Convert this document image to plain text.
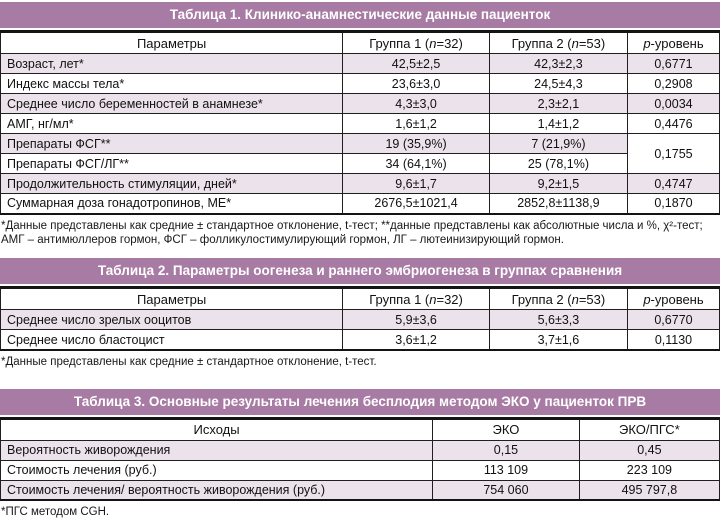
Таблица 1. Клинико-анамнестические данные пациенток
Параметры	Группа 1 (n=32)	Группа 2 (n=53)	p-уровень
Возраст, лет*	42,5±2,5	42,3±2,3	0,6771
Индекс массы тела*	23,6±3,0	24,5±4,3	0,2908
Среднее число беременностей в анамнезе*	4,3±3,0	2,3±2,1	0,0034
АМГ, нг/мл*	1,6±1,2	1,4±1,2	0,4476
Препараты ФСГ**	19 (35,9%)	7 (21,9%)	0,1755
Препараты ФСГ/ЛГ**	34 (64,1%)	25 (78,1%)	
Продолжительность стимуляции, дней*	9,6±1,7	9,2±1,5	0,4747
Суммарная доза гонадотропинов, МЕ*	2676,5±1021,4	2852,8±1138,9	0,1870
*Данные представлены как средние ± стандартное отклонение, t-тест; **данные представлены как абсолютные числа и %, χ²-тест;
АМГ – антимюллеров гормон, ФСГ – фолликулостимулирующий гормон, ЛГ – лютеинизирующий гормон.
Таблица 2. Параметры оогенеза и раннего эмбриогенеза в группах сравнения
Параметры	Группа 1 (n=32)	Группа 2 (n=53)	p-уровень
Среднее число зрелых ооцитов	5,9±3,6	5,6±3,3	0,6770
Среднее число бластоцист	3,6±1,2	3,7±1,6	0,1130
*Данные представлены как средние ± стандартное отклонение, t-тест.
Таблица 3. Основные результаты лечения бесплодия методом ЭКО у пациенток ПРВ
Исходы	ЭКО	ЭКО/ПГС*
Вероятность живорождения	0,15	0,45
Стоимость лечения (руб.)	113 109	223 109
Стоимость лечения/ вероятность живорождения (руб.)	754 060	495 797,8
*ПГС методом CGH.
